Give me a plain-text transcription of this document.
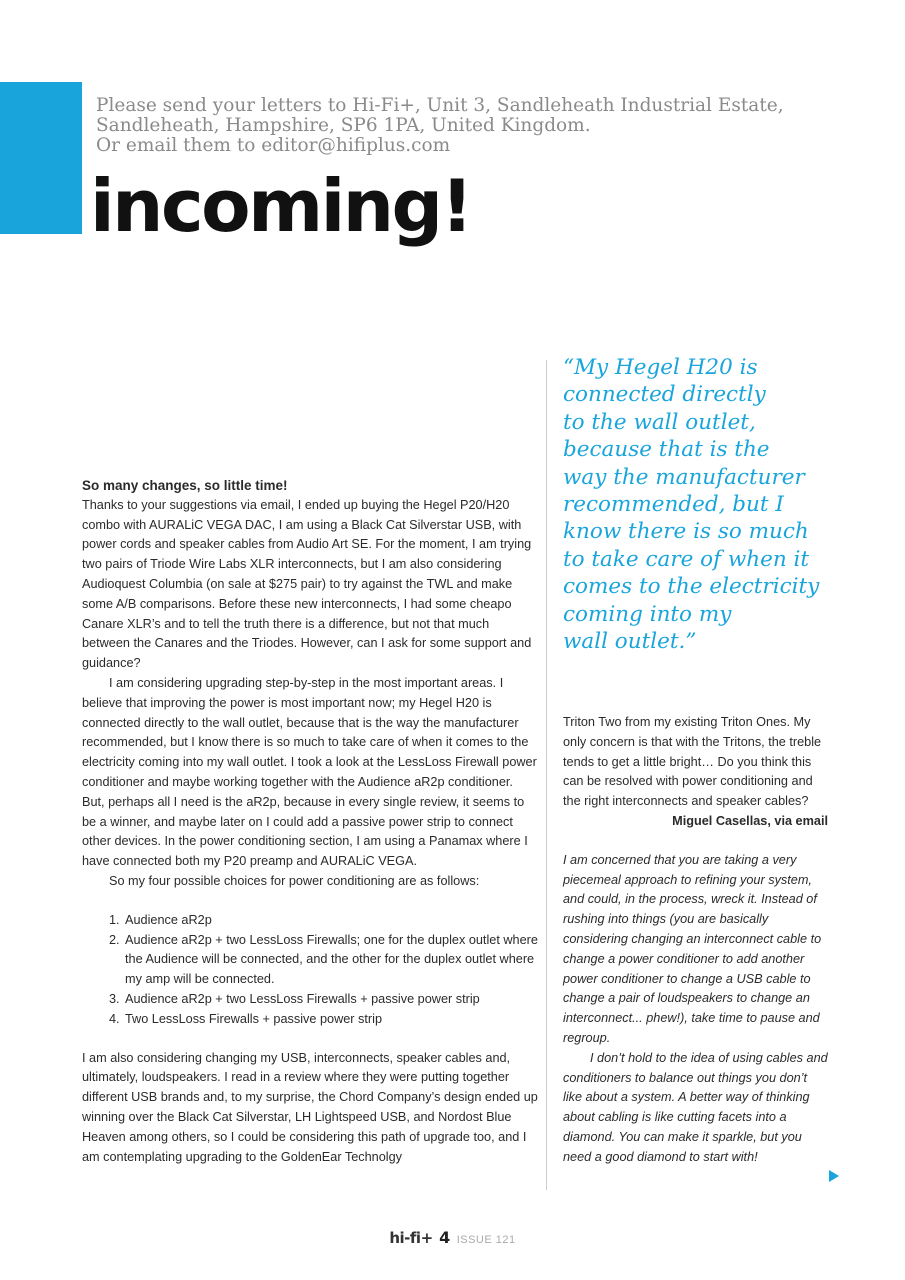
Please send your letters to Hi-Fi+, Unit 3, Sandleheath Industrial Estate,
Sandleheath, Hampshire, SP6 1PA, United Kingdom.
Or email them to editor@hifiplus.com
incoming!

So many changes, so little time!

Thanks to your suggestions via email, I ended up buying the Hegel P20/H20 combo with AURALiC VEGA DAC, I am using a Black Cat Silverstar USB, with power cords and speaker cables from Audio Art SE. For the moment, I am trying two pairs of Triode Wire Labs XLR interconnects, but I am also considering Audioquest Columbia (on sale at $275 pair) to try against the TWL and make some A/B comparisons. Before these new interconnects, I had some cheapo Canare XLR’s and to tell the truth there is a difference, but not that much between the Canares and the Triodes. However, can I ask for some support and guidance?

I am considering upgrading step-by-step in the most important areas. I believe that improving the power is most important now; my Hegel H20 is connected directly to the wall outlet, because that is the way the manufacturer recommended, but I know there is so much to take care of when it comes to the electricity coming into my wall outlet. I took a look at the LessLoss Firewall power conditioner and maybe working together with the Audience aR2p conditioner. But, perhaps all I need is the aR2p, because in every single review, it seems to be a winner, and maybe later on I could add a passive power strip to connect other devices. In the power conditioning section, I am using a Panamax where I have connected both my P20 preamp and AURALiC VEGA.

So my four possible choices for power conditioning are as follows:

1. Audience aR2p
2. Audience aR2p + two LessLoss Firewalls; one for the duplex outlet where the Audience will be connected, and the other for the duplex outlet where my amp will be connected.
3. Audience aR2p + two LessLoss Firewalls + passive power strip
4. Two LessLoss Firewalls + passive power strip

I am also considering changing my USB, interconnects, speaker cables and, ultimately, loudspeakers. I read in a review where they were putting together different USB brands and, to my surprise, the Chord Company’s design ended up winning over the Black Cat Silverstar, LH Lightspeed USB, and Nordost Blue Heaven among others, so I could be considering this path of upgrade too, and I am contemplating upgrading to the GoldenEar Technolgy

“My Hegel H20 is
connected directly
to the wall outlet,
because that is the
way the manufacturer
recommended, but I
know there is so much
to take care of when it
comes to the electricity
coming into my
wall outlet.”

Triton Two from my existing Triton Ones. My only concern is that with the Tritons, the treble tends to get a little bright… Do you think this can be resolved with power conditioning and the right interconnects and speaker cables?

Miguel Casellas, via email

I am concerned that you are taking a very piecemeal approach to refining your system, and could, in the process, wreck it. Instead of rushing into things (you are basically considering changing an interconnect cable to change a power conditioner to add another power conditioner to change a USB cable to change a pair of loudspeakers to change an interconnect... phew!), take time to pause and regroup.

I don’t hold to the idea of using cables and conditioners to balance out things you don’t like about a system. A better way of thinking about cabling is like cutting facets into a diamond. You can make it sparkle, but you need a good diamond to start with!

hi-fi+ 4 ISSUE 121
